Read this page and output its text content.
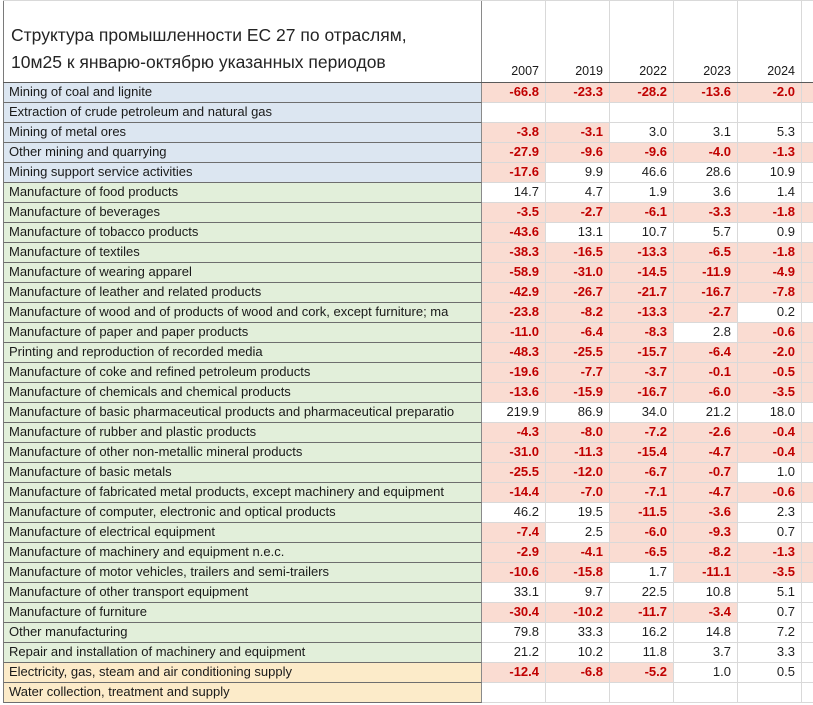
Структура промышленности ЕС 27 по отраслям,
10м25 к январю-октябрю указанных периодов	2007	2019	2022	2023	2024
Mining of coal and lignite	-66.8	-23.3	-28.2	-13.6	-2.0
Extraction of crude petroleum and natural gas
Mining of metal ores	-3.8	-3.1	3.0	3.1	5.3
Other mining and quarrying	-27.9	-9.6	-9.6	-4.0	-1.3
Mining support service activities	-17.6	9.9	46.6	28.6	10.9
Manufacture of food products	14.7	4.7	1.9	3.6	1.4
Manufacture of beverages	-3.5	-2.7	-6.1	-3.3	-1.8
Manufacture of tobacco products	-43.6	13.1	10.7	5.7	0.9
Manufacture of textiles	-38.3	-16.5	-13.3	-6.5	-1.8
Manufacture of wearing apparel	-58.9	-31.0	-14.5	-11.9	-4.9
Manufacture of leather and related products	-42.9	-26.7	-21.7	-16.7	-7.8
Manufacture of wood and of products of wood and cork, except furniture; ma	-23.8	-8.2	-13.3	-2.7	0.2
Manufacture of paper and paper products	-11.0	-6.4	-8.3	2.8	-0.6
Printing and reproduction of recorded media	-48.3	-25.5	-15.7	-6.4	-2.0
Manufacture of coke and refined petroleum products	-19.6	-7.7	-3.7	-0.1	-0.5
Manufacture of chemicals and chemical products	-13.6	-15.9	-16.7	-6.0	-3.5
Manufacture of basic pharmaceutical products and pharmaceutical preparatio	219.9	86.9	34.0	21.2	18.0
Manufacture of rubber and plastic products	-4.3	-8.0	-7.2	-2.6	-0.4
Manufacture of other non-metallic mineral products	-31.0	-11.3	-15.4	-4.7	-0.4
Manufacture of basic metals	-25.5	-12.0	-6.7	-0.7	1.0
Manufacture of fabricated metal products, except machinery and equipment	-14.4	-7.0	-7.1	-4.7	-0.6
Manufacture of computer, electronic and optical products	46.2	19.5	-11.5	-3.6	2.3
Manufacture of electrical equipment	-7.4	2.5	-6.0	-9.3	0.7
Manufacture of machinery and equipment n.e.c.	-2.9	-4.1	-6.5	-8.2	-1.3
Manufacture of motor vehicles, trailers and semi-trailers	-10.6	-15.8	1.7	-11.1	-3.5
Manufacture of other transport equipment	33.1	9.7	22.5	10.8	5.1
Manufacture of furniture	-30.4	-10.2	-11.7	-3.4	0.7
Other manufacturing	79.8	33.3	16.2	14.8	7.2
Repair and installation of machinery and equipment	21.2	10.2	11.8	3.7	3.3
Electricity, gas, steam and air conditioning supply	-12.4	-6.8	-5.2	1.0	0.5
Water collection, treatment and supply
